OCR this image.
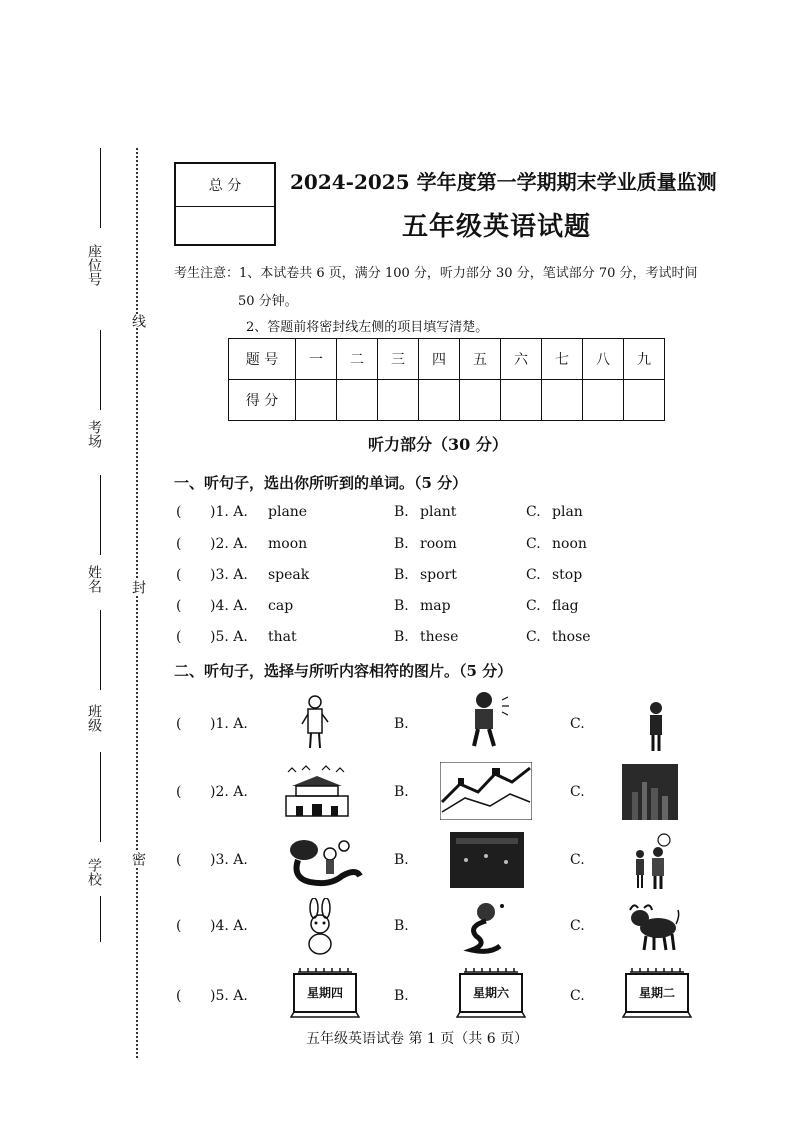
座位号
考场
姓名
班级
学校
线
封
密
总 分	2024-2025 学年度第一学期期末学业质量监测
五年级英语试题
考生注意：1、本试卷共 6 页，满分 100 分，听力部分 30 分，笔试部分 70 分，考试时间
50 分钟。
2、答题前将密封线左侧的项目填写清楚。
题 号	一	二	三	四	五	六	七	八	九
得 分									
听力部分（30 分）
一、听句子，选出你所听到的单词。（5 分）
( )1. A. plane	B. plant	C. plan
( )2. A. moon	B. room	C. noon
( )3. A. speak	B. sport	C. stop
( )4. A. cap	B. map	C. flag
( )5. A. that	B. these	C. those
二、听句子，选择与所听内容相符的图片。（5 分）
( )1. A.	B.	C.
( )2. A.	B.	C.
( )3. A.	B.	C.
( )4. A.	B.	C.
( )5. A.	B.	C.
星期四	星期六	星期二
五年级英语试卷 第 1 页（共 6 页）
